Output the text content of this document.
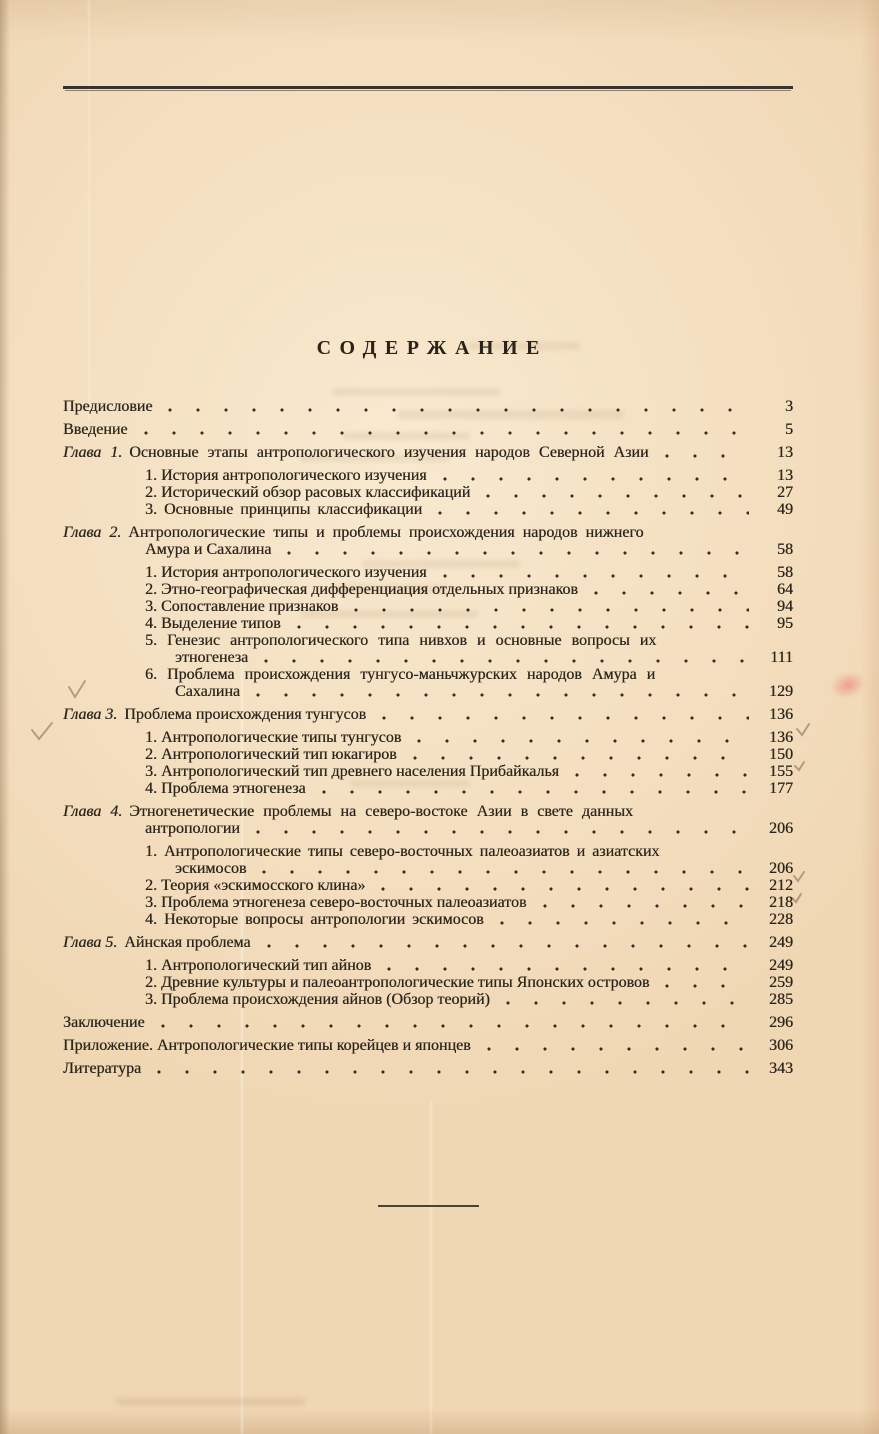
СОДЕРЖАНИЕ
Предисловие	3
Введение	5
Глава 1. Основные этапы антропологического изучения народов Северной Азии	13
1. История антропологического изучения	13
2. Исторический обзор расовых классификаций	27
3. Основные принципы классификации	49
Глава 2. Антропологические типы и проблемы происхождения народов нижнего
Амура и Сахалина	58
1. История антропологического изучения	58
2. Этно-географическая дифференциация отдельных признаков	64
3. Сопоставление признаков	94
4. Выделение типов	95
5. Генезис антропологического типа нивхов и основные вопросы их
этногенеза	111
6. Проблема происхождения тунгусо-маньчжурских народов Амура и
Сахалина	129
Глава 3. Проблема происхождения тунгусов	136
1. Антропологические типы тунгусов	136
2. Антропологический тип юкагиров	150
3. Антропологический тип древнего населения Прибайкалья	155
4. Проблема этногенеза	177
Глава 4. Этногенетические проблемы на северо-востоке Азии в свете данных
антропологии	206
1. Антропологические типы северо-восточных палеоазиатов и азиатских
эскимосов	206
2. Теория «эскимосского клина»	212
3. Проблема этногенеза северо-восточных палеоазиатов	218
4. Некоторые вопросы антропологии эскимосов	228
Глава 5. Айнская проблема	249
1. Антропологический тип айнов	249
2. Древние культуры и палеоантропологические типы Японских островов	259
3. Проблема происхождения айнов (Обзор теорий)	285
Заключение	296
Приложение. Антропологические типы корейцев и японцев	306
Литература	343
